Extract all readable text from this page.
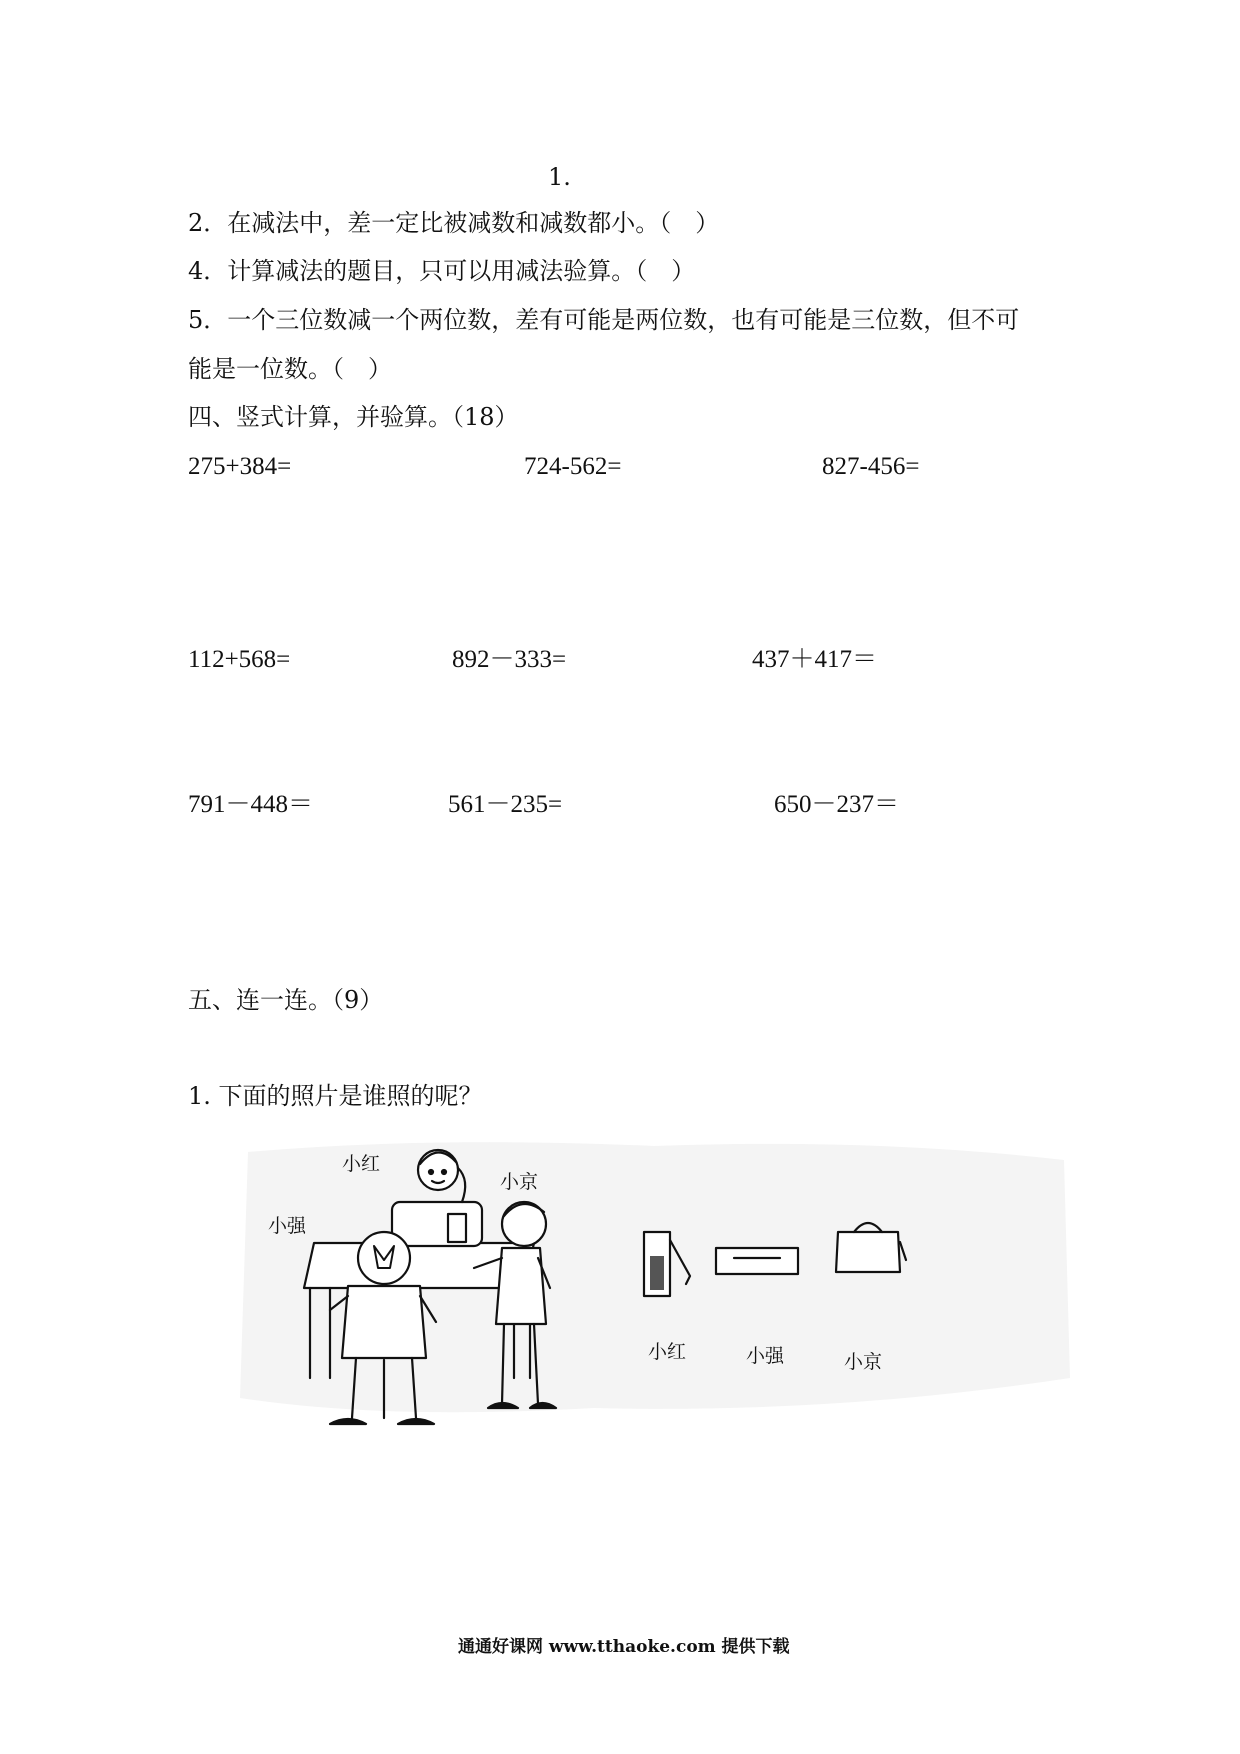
1.
2．在减法中，差一定比被减数和减数都小。（　）
4．计算减法的题目，只可以用减法验算。（　）
5．一个三位数减一个两位数，差有可能是两位数，也有可能是三位数，但不可
能是一位数。（　）
四、竖式计算，并验算。（18）
275+384=	724-562=	827-456=
112+568=	892－333=	437＋417＝
791－448＝	561－235=	650－237＝
五、连一连。（9）
1. 下面的照片是谁照的呢？
小红
小京
小强
小红	小强	小京
通通好课网 www.tthaoke.com 提供下载
